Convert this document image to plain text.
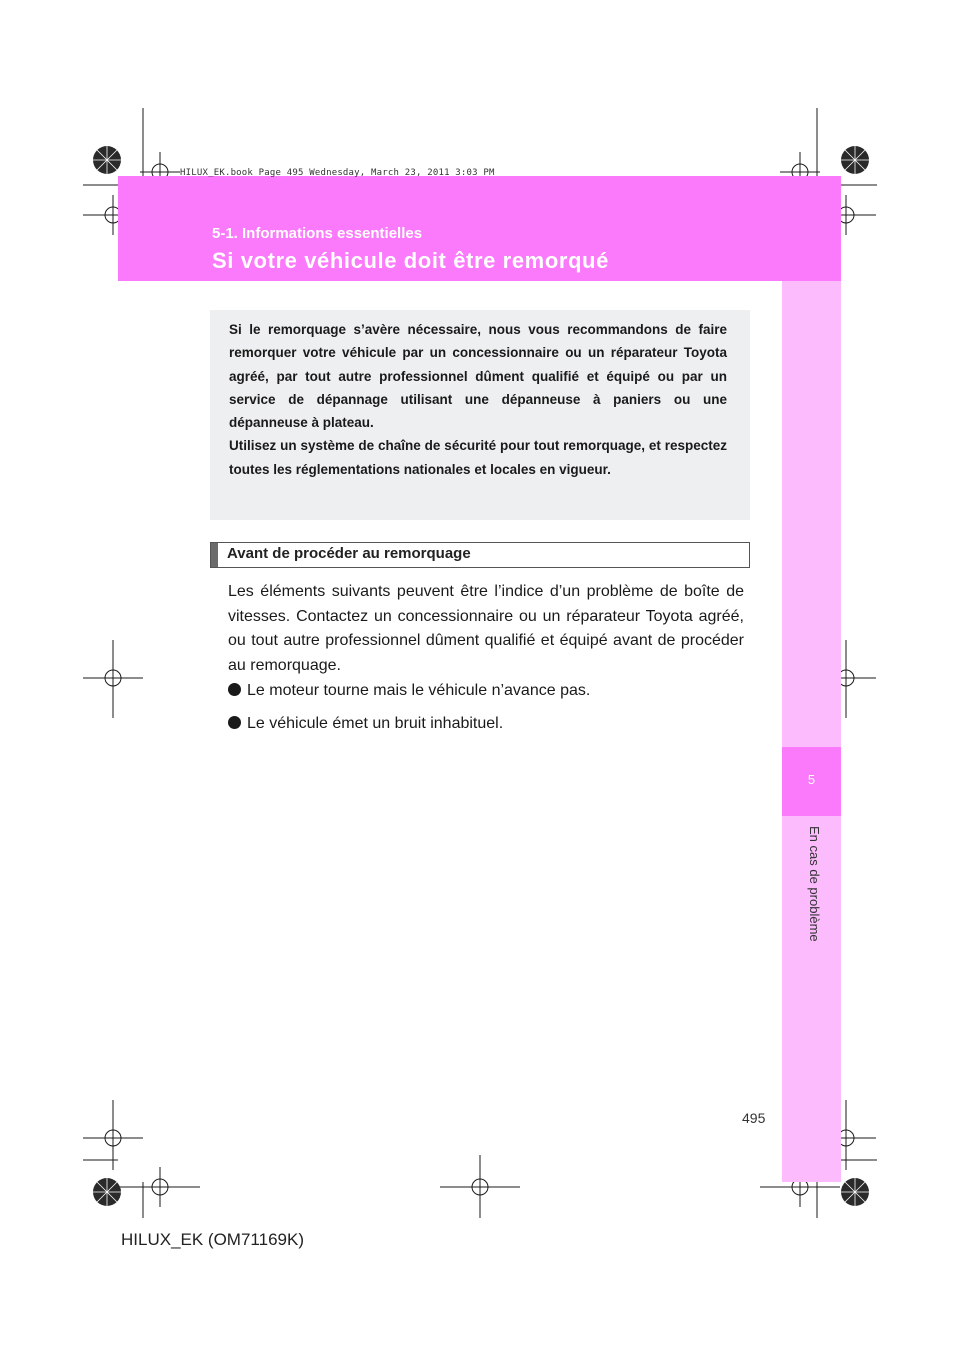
HILUX_EK.book Page 495 Wednesday, March 23, 2011 3:03 PM
5-1. Informations essentielles
Si votre véhicule doit être remorqué
5
En cas de problème

Si le remorquage s’avère nécessaire, nous vous recommandons de faire remorquer votre véhicule par un concessionnaire ou un réparateur Toyota agréé, par tout autre professionnel dûment qualifié et équipé ou par un service de dépannage utilisant une dépanneuse à paniers ou une dépanneuse à plateau.

Utilisez un système de chaîne de sécurité pour tout remorquage, et respectez toutes les réglementations nationales et locales en vigueur.

Avant de procéder au remorquage

Les éléments suivants peuvent être l’indice d’un problème de boîte de vitesses. Contactez un concessionnaire ou un réparateur Toyota agréé, ou tout autre professionnel dûment qualifié et équipé avant de procéder au remorquage.

Le moteur tourne mais le véhicule n’avance pas.
Le véhicule émet un bruit inhabituel.
495
HILUX_EK (OM71169K)
